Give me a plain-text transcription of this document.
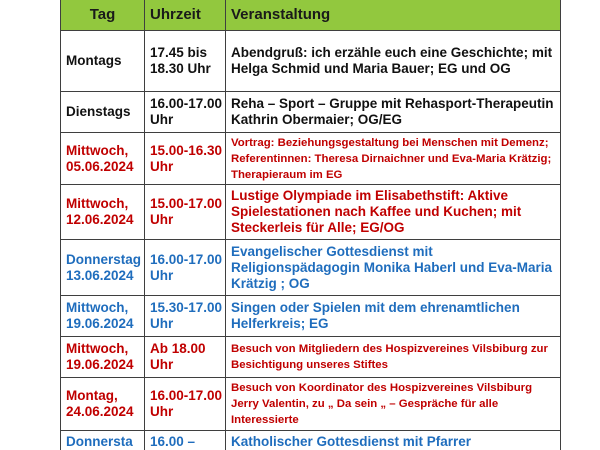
Tag	Uhrzeit	Veranstaltung
Montags	17.45 bis 18.30 Uhr	Abendgruß: ich erzähle euch eine Geschichte; mit Helga Schmid und Maria Bauer; EG und OG
Dienstags	16.00-17.00 Uhr	Reha – Sport – Gruppe mit Rehasport-Therapeutin Kathrin Obermaier; OG/EG
Mittwoch, 05.06.2024	15.00-16.30 Uhr	Vortrag: Beziehungsgestaltung bei Menschen mit Demenz; Referentinnen: Theresa Dirnaichner und Eva-Maria Krätzig; Therapieraum im EG
Mittwoch, 12.06.2024	15.00-17.00 Uhr	Lustige Olympiade im Elisabethstift: Aktive Spielestationen nach Kaffee und Kuchen; mit Steckerleis für Alle; EG/OG
Donnerstag 13.06.2024	16.00-17.00 Uhr	Evangelischer Gottesdienst mit Religionspädagogin Monika Haberl und Eva-Maria Krätzig ; OG
Mittwoch, 19.06.2024	15.30-17.00 Uhr	Singen oder Spielen mit dem ehrenamtlichen Helferkreis; EG
Mittwoch, 19.06.2024	Ab 18.00 Uhr	Besuch von Mitgliedern des Hospizvereines Vilsbiburg zur Besichtigung unseres Stiftes
Montag, 24.06.2024	16.00-17.00 Uhr	Besuch von Koordinator des Hospizvereines Vilsbiburg Jerry Valentin, zu „ Da sein „ – Gespräche für alle Interessierte
Donnersta	16.00 –	Katholischer Gottesdienst mit Pfarrer
